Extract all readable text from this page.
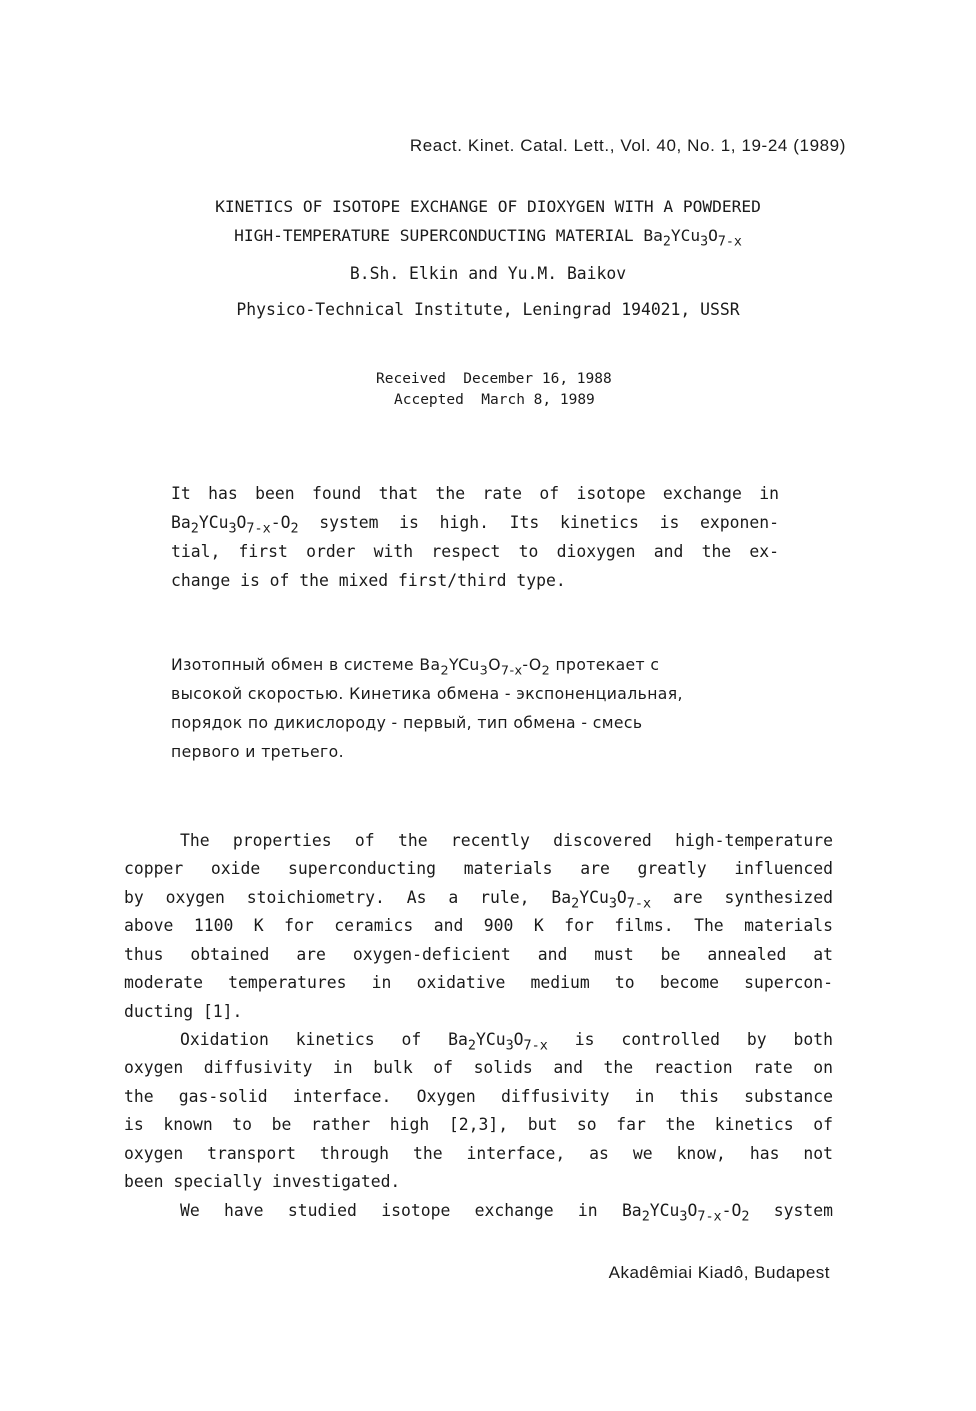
React. Kinet. Catal. Lett., Vol. 40, No. 1, 19-24 (1989)
KINETICS OF ISOTOPE EXCHANGE OF DIOXYGEN WITH A POWDERED
HIGH-TEMPERATURE SUPERCONDUCTING MATERIAL $Ba_2YCu_3O_{7-x}$
B.Sh. Elkin and Yu.M. Baikov
Physico-Technical Institute, Leningrad 194021, USSR
Received  December 16, 1988
Accepted  March 8, 1989
It has been found that the rate of isotope exchange in
$Ba_2YCu_3O_{7-x}-O_2$ system is high. Its kinetics is exponen-
tial, first order with respect to dioxygen and the ex-
change is of the mixed first/third type.
Изотопный обмен в системе $Ba_2YCu_3O_{7-x}-O_2$ протекает с
высокой скоростью. Кинетика обмена - экспоненциальная,
порядок по дикислороду - первый, тип обмена - смесь
первого и третьего.
The properties of the recently discovered high-temperature
copper oxide superconducting materials are greatly influenced
by oxygen stoichiometry. As a rule, $Ba_2YCu_3O_{7-x}$ are synthesized
above 1100 K for ceramics and 900 K for films. The materials
thus obtained are oxygen-deficient and must be annealed at
moderate temperatures in oxidative medium to become supercon-
ducting [1].
Oxidation kinetics of $Ba_2YCu_3O_{7-x}$ is controlled by both
oxygen diffusivity in bulk of solids and the reaction rate on
the gas-solid interface. Oxygen diffusivity in this substance
is known to be rather high [2,3], but so far the kinetics of
oxygen transport through the interface, as we know, has not
been specially investigated.
We have studied isotope exchange in $Ba_2YCu_3O_{7-x}-O_2$ system
Akadêmiai Kiadô, Budapest
